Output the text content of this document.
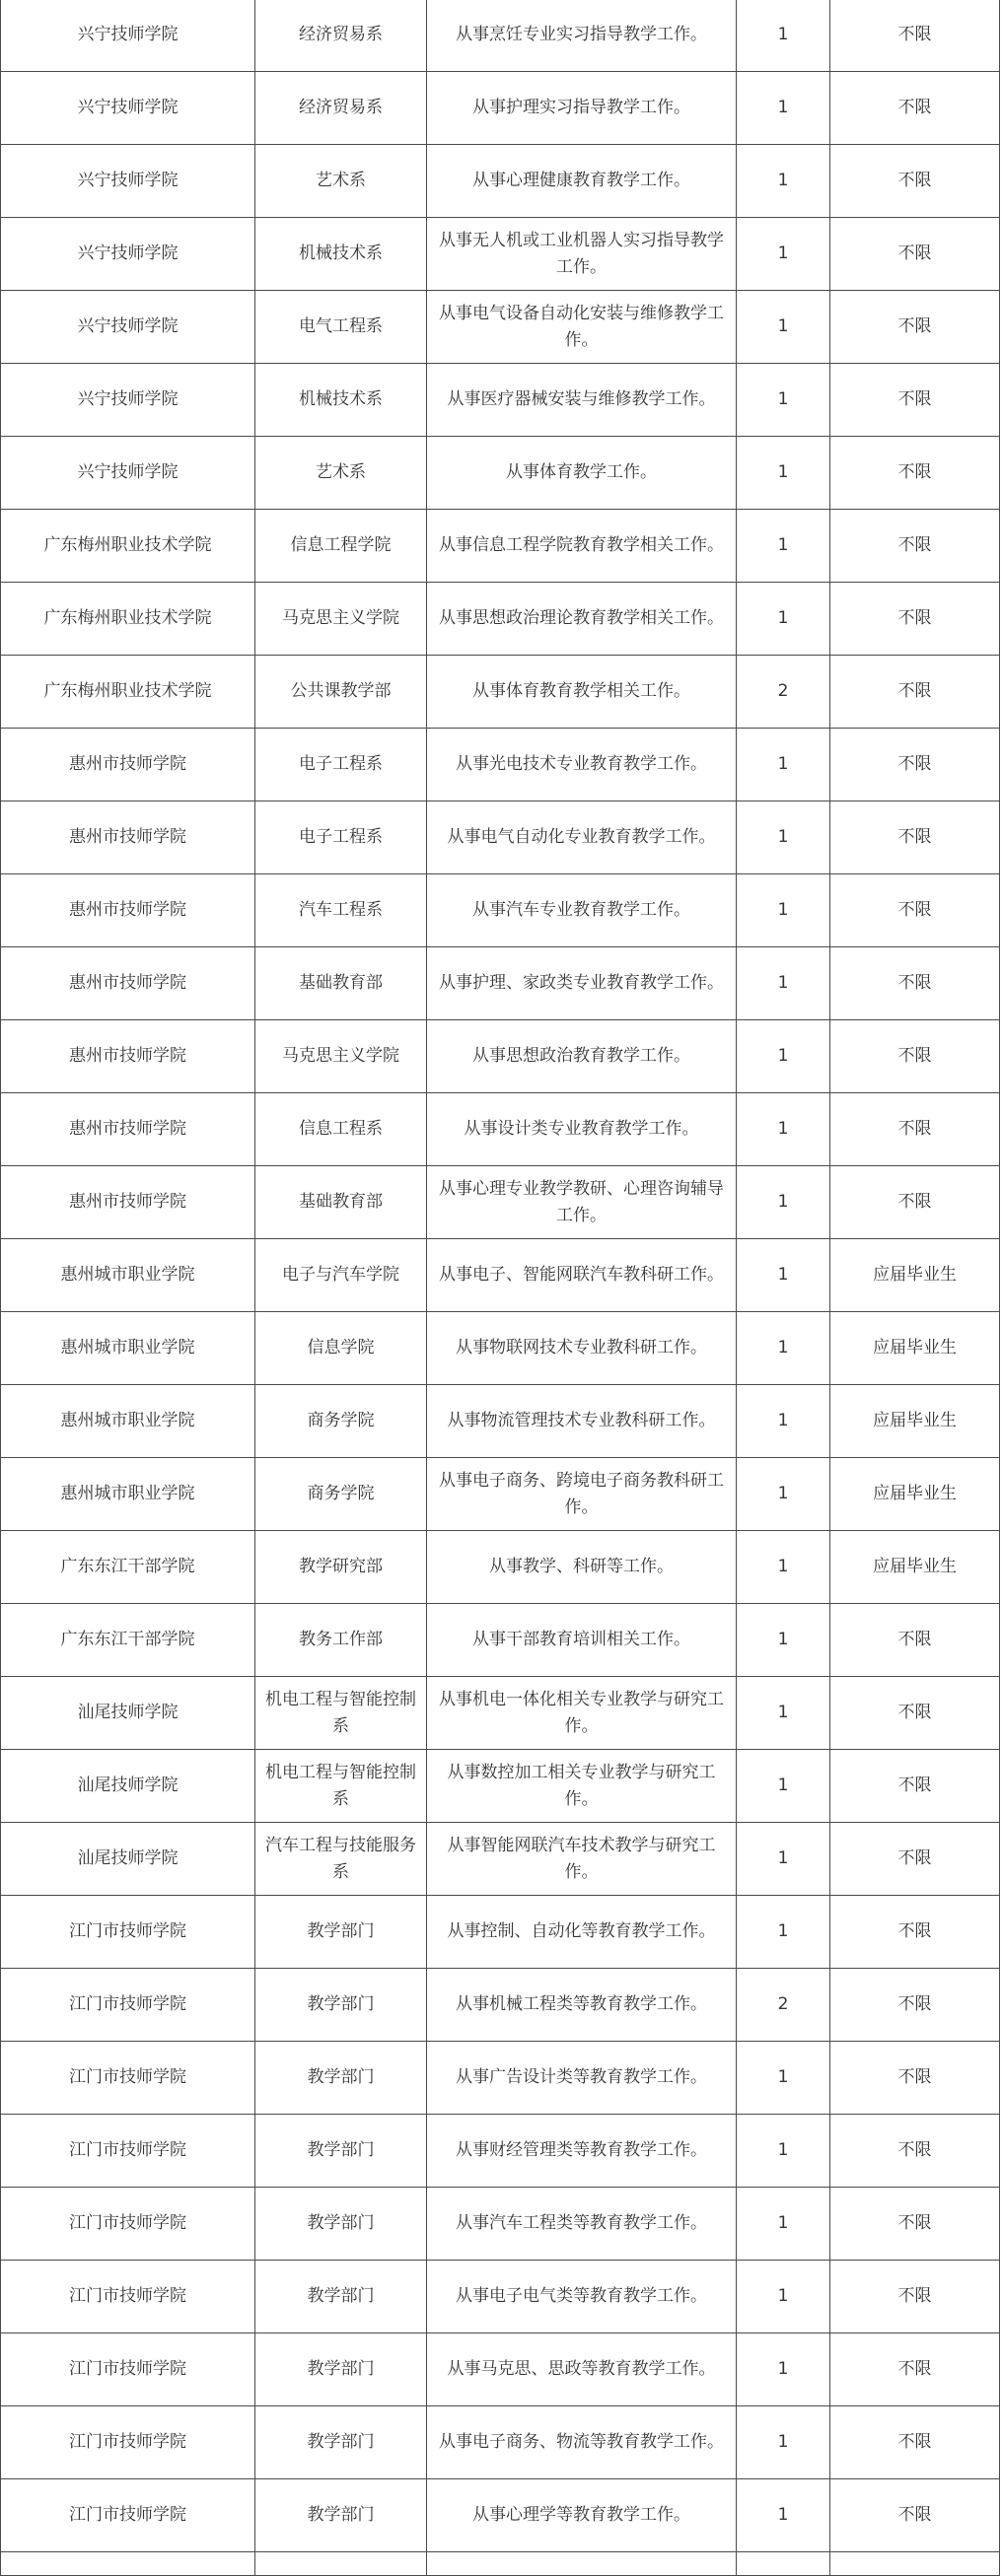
兴宁技师学院	经济贸易系	从事烹饪专业实习指导教学工作。	1	不限
兴宁技师学院	经济贸易系	从事护理实习指导教学工作。	1	不限
兴宁技师学院	艺术系	从事心理健康教育教学工作。	1	不限
兴宁技师学院	机械技术系	从事无人机或工业机器人实习指导教学工作。	1	不限
兴宁技师学院	电气工程系	从事电气设备自动化安装与维修教学工作。	1	不限
兴宁技师学院	机械技术系	从事医疗器械安装与维修教学工作。	1	不限
兴宁技师学院	艺术系	从事体育教学工作。	1	不限
广东梅州职业技术学院	信息工程学院	从事信息工程学院教育教学相关工作。	1	不限
广东梅州职业技术学院	马克思主义学院	从事思想政治理论教育教学相关工作。	1	不限
广东梅州职业技术学院	公共课教学部	从事体育教育教学相关工作。	2	不限
惠州市技师学院	电子工程系	从事光电技术专业教育教学工作。	1	不限
惠州市技师学院	电子工程系	从事电气自动化专业教育教学工作。	1	不限
惠州市技师学院	汽车工程系	从事汽车专业教育教学工作。	1	不限
惠州市技师学院	基础教育部	从事护理、家政类专业教育教学工作。	1	不限
惠州市技师学院	马克思主义学院	从事思想政治教育教学工作。	1	不限
惠州市技师学院	信息工程系	从事设计类专业教育教学工作。	1	不限
惠州市技师学院	基础教育部	从事心理专业教学教研、心理咨询辅导工作。	1	不限
惠州城市职业学院	电子与汽车学院	从事电子、智能网联汽车教科研工作。	1	应届毕业生
惠州城市职业学院	信息学院	从事物联网技术专业教科研工作。	1	应届毕业生
惠州城市职业学院	商务学院	从事物流管理技术专业教科研工作。	1	应届毕业生
惠州城市职业学院	商务学院	从事电子商务、跨境电子商务教科研工作。	1	应届毕业生
广东东江干部学院	教学研究部	从事教学、科研等工作。	1	应届毕业生
广东东江干部学院	教务工作部	从事干部教育培训相关工作。	1	不限
汕尾技师学院	机电工程与智能控制系	从事机电一体化相关专业教学与研究工作。	1	不限
汕尾技师学院	机电工程与智能控制系	从事数控加工相关专业教学与研究工作。	1	不限
汕尾技师学院	汽车工程与技能服务系	从事智能网联汽车技术教学与研究工作。	1	不限
江门市技师学院	教学部门	从事控制、自动化等教育教学工作。	1	不限
江门市技师学院	教学部门	从事机械工程类等教育教学工作。	2	不限
江门市技师学院	教学部门	从事广告设计类等教育教学工作。	1	不限
江门市技师学院	教学部门	从事财经管理类等教育教学工作。	1	不限
江门市技师学院	教学部门	从事汽车工程类等教育教学工作。	1	不限
江门市技师学院	教学部门	从事电子电气类等教育教学工作。	1	不限
江门市技师学院	教学部门	从事马克思、思政等教育教学工作。	1	不限
江门市技师学院	教学部门	从事电子商务、物流等教育教学工作。	1	不限
江门市技师学院	教学部门	从事心理学等教育教学工作。	1	不限
